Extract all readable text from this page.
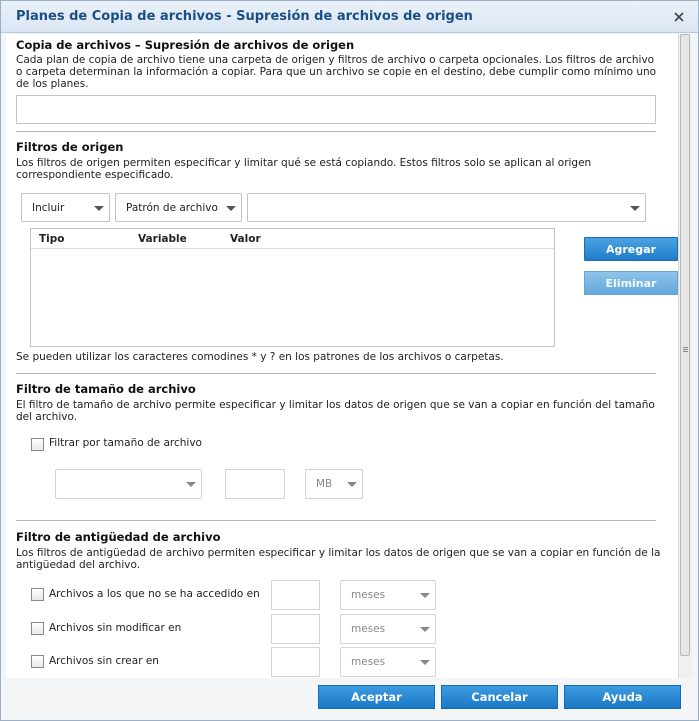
Planes de Copia de archivos - Supresión de archivos de origen
Copia de archivos – Supresión de archivos de origen
Cada plan de copia de archivo tiene una carpeta de origen y filtros de archivo o carpeta opcionales. Los filtros de archivo o carpeta determinan la información a copiar. Para que un archivo se copie en el destino, debe cumplir como mínimo uno de los planes.
Filtros de origen
Los filtros de origen permiten especificar y limitar qué se está copiando. Estos filtros solo se aplican al origen correspondiente especificado.
Incluir	Patrón de archivo
Tipo	Variable	Valor
Agregar
Eliminar
Se pueden utilizar los caracteres comodines * y ? en los patrones de los archivos o carpetas.
Filtro de tamaño de archivo
El filtro de tamaño de archivo permite especificar y limitar los datos de origen que se van a copiar en función del tamaño del archivo.
Filtrar por tamaño de archivo
MB
Filtro de antigüedad de archivo
Los filtros de antigüedad de archivo permiten especificar y limitar los datos de origen que se van a copiar en función de la antigüedad del archivo.
Archivos a los que no se ha accedido en	meses
Archivos sin modificar en	meses
Archivos sin crear en	meses
Aceptar	Cancelar	Ayuda
